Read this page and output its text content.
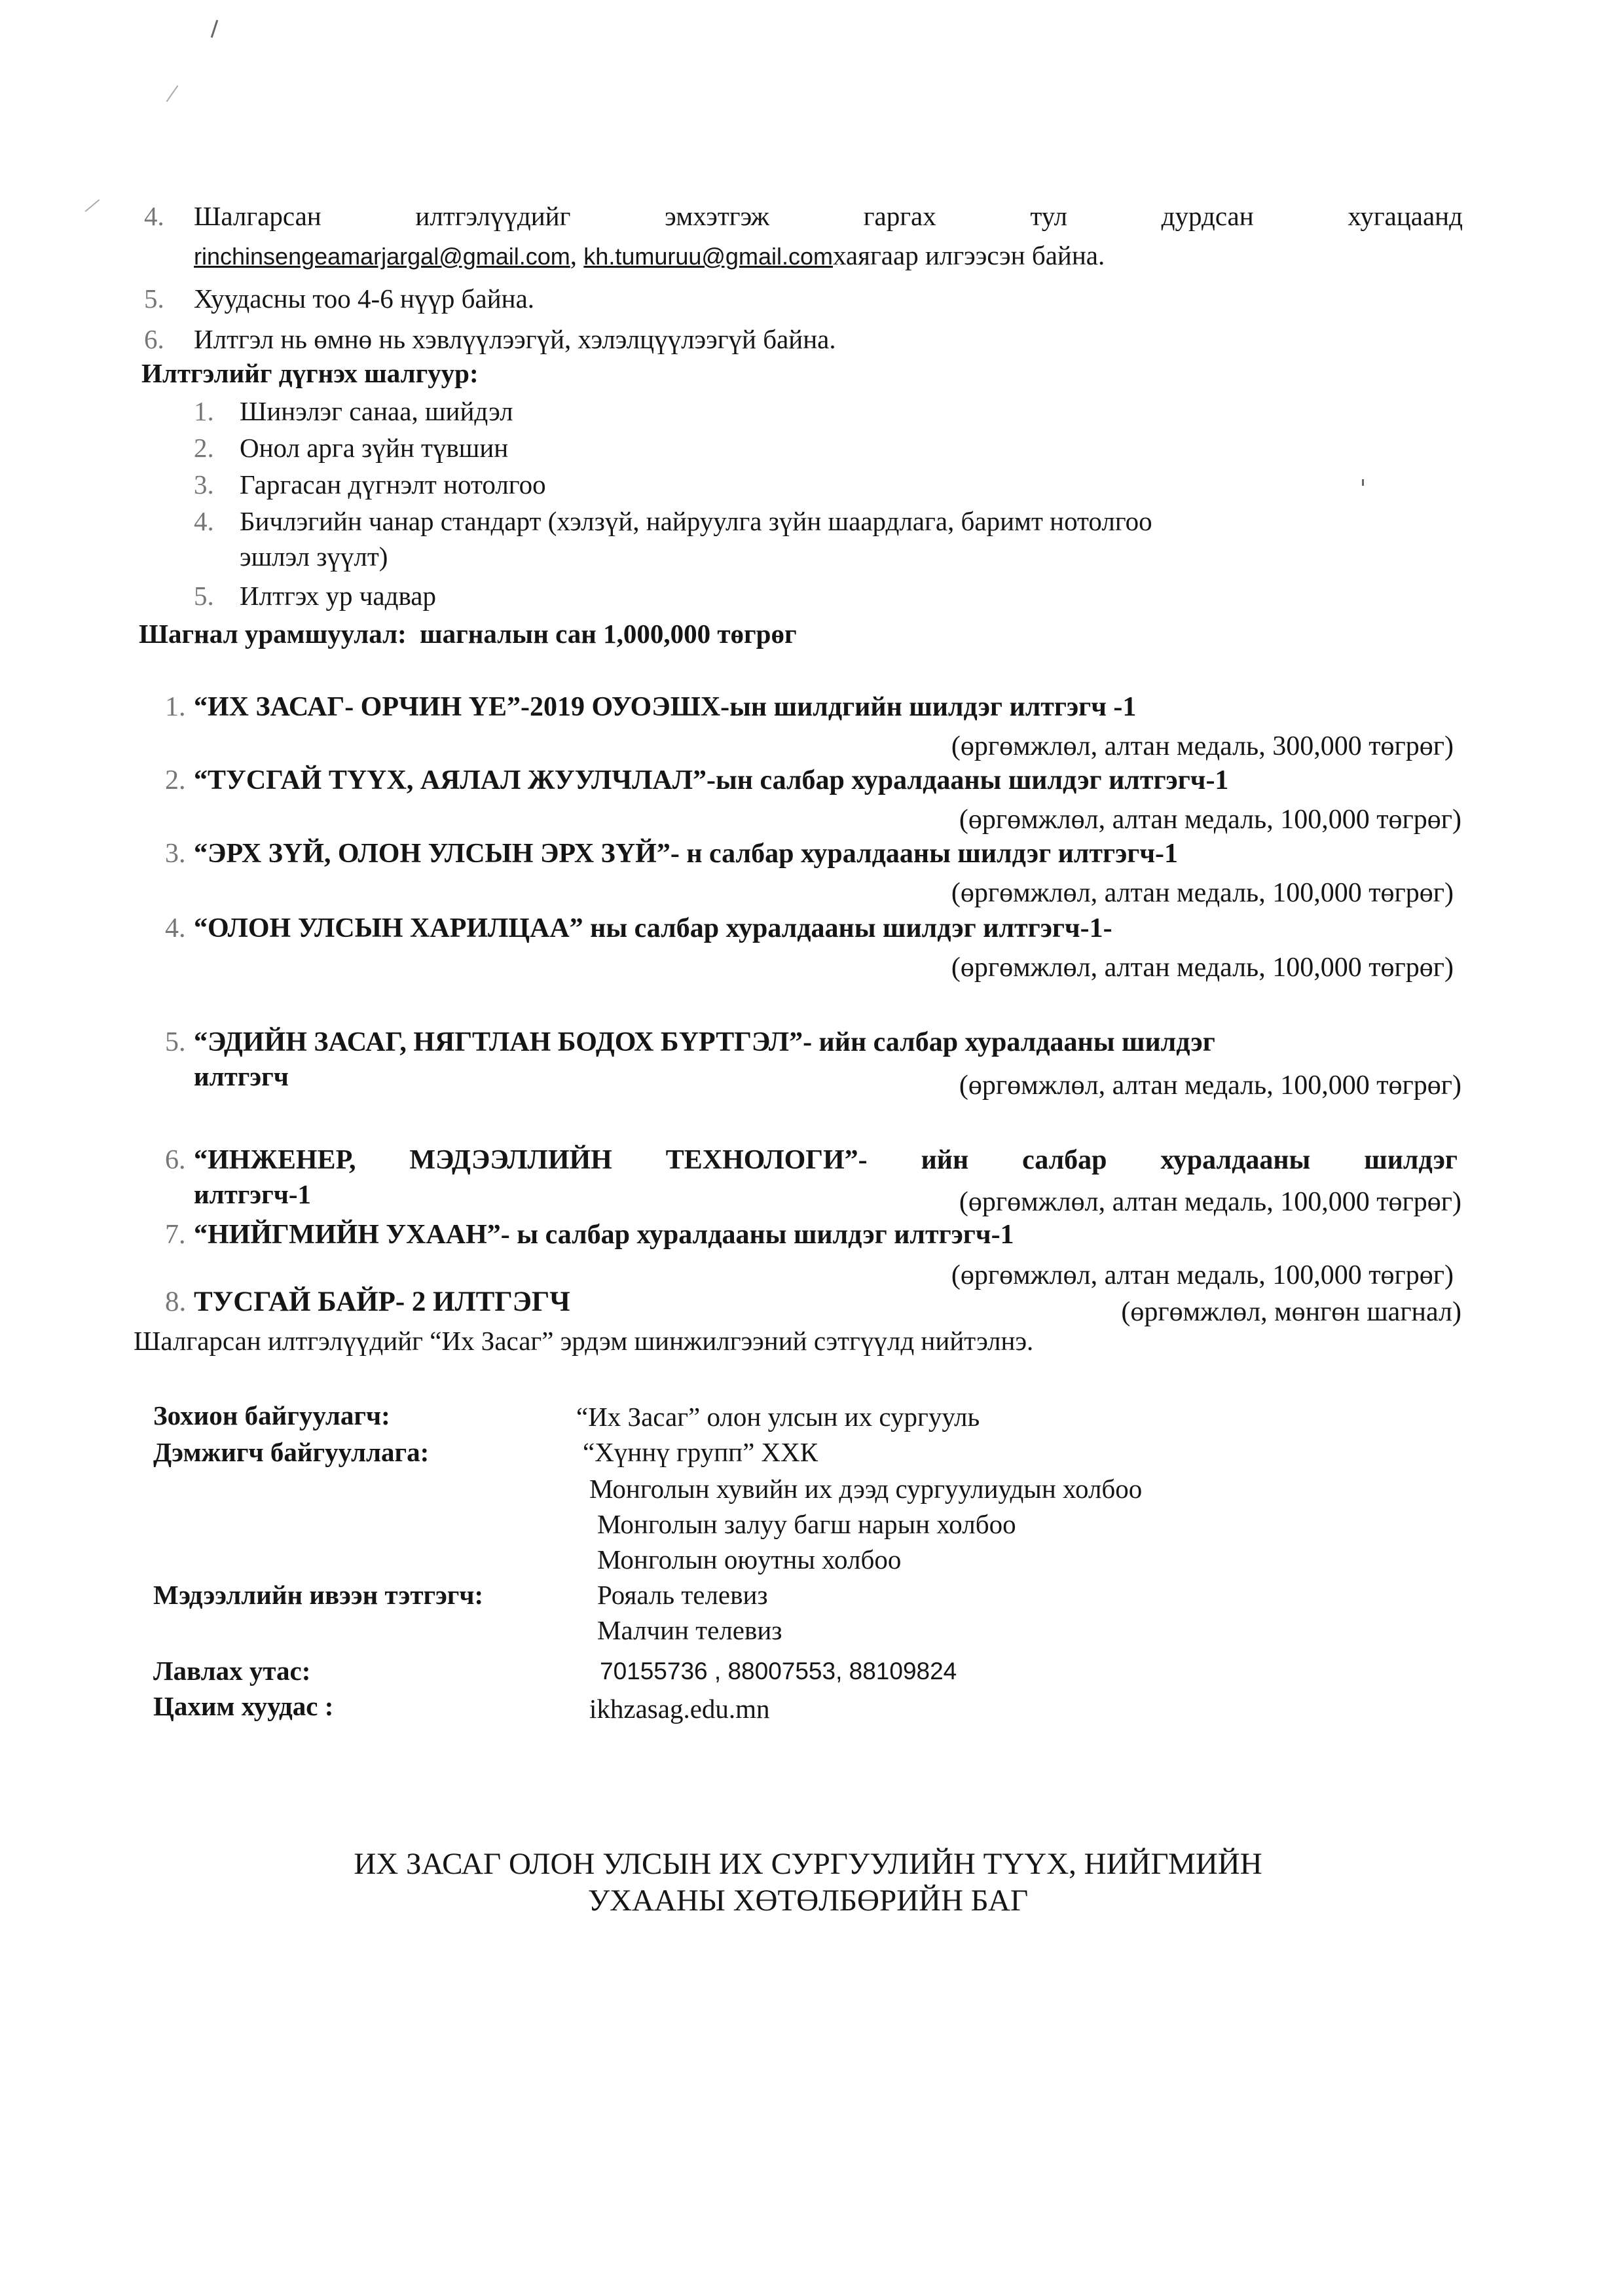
4. Шалгарсан	илтгэлүүдийг	эмхэтгэж	гаргах	тул	дурдсан	хугацаанд
rinchinsengeamarjargal@gmail.com, kh.tumuruu@gmail.comхаягаар илгээсэн байна.
5. Хуудасны тоо 4-6 нүүр байна.
6. Илтгэл нь өмнө нь хэвлүүлээгүй, хэлэлцүүлээгүй байна.
Илтгэлийг дүгнэх шалгуур:
1. Шинэлэг санаа, шийдэл
2. Онол арга зүйн түвшин
3. Гаргасан дүгнэлт нотолгоо
4. Бичлэгийн чанар стандарт (хэлзүй, найруулга зүйн шаардлага, баримт нотолгоо
эшлэл зүүлт)
5. Илтгэх ур чадвар
Шагнал урамшуулал: шагналын сан 1,000,000 төгрөг
1. “ИХ ЗАСАГ- ОРЧИН ҮЕ”-2019 ОУОЭШХ-ын шилдгийн шилдэг илтгэгч -1
(өргөмжлөл, алтан медаль, 300,000 төгрөг)
2. “ТУСГАЙ ТҮҮХ, АЯЛАЛ ЖУУЛЧЛАЛ”-ын салбар хуралдааны шилдэг илтгэгч-1
(өргөмжлөл, алтан медаль, 100,000 төгрөг)
3. “ЭРХ ЗҮЙ, ОЛОН УЛСЫН ЭРХ ЗҮЙ”- н салбар хуралдааны шилдэг илтгэгч-1
(өргөмжлөл, алтан медаль, 100,000 төгрөг)
4. “ОЛОН УЛСЫН ХАРИЛЦАА” ны салбар хуралдааны шилдэг илтгэгч-1-
(өргөмжлөл, алтан медаль, 100,000 төгрөг)
5. “ЭДИЙН ЗАСАГ, НЯГТЛАН БОДОХ БҮРТГЭЛ”- ийн салбар хуралдааны шилдэг
илтгэгч	(өргөмжлөл, алтан медаль, 100,000 төгрөг)
6. “ИНЖЕНЕР, МЭДЭЭЛЛИЙН ТЕХНОЛОГИ”- ийн салбар хуралдааны шилдэг
илтгэгч-1	(өргөмжлөл, алтан медаль, 100,000 төгрөг)
7. “НИЙГМИЙН УХААН”- ы салбар хуралдааны шилдэг илтгэгч-1
(өргөмжлөл, алтан медаль, 100,000 төгрөг)
8. ТУСГАЙ БАЙР- 2 ИЛТГЭГЧ	(өргөмжлөл, мөнгөн шагнал)
Шалгарсан илтгэлүүдийг “Их Засаг” эрдэм шинжилгээний сэтгүүлд нийтэлнэ.
Зохион байгуулагч:	“Их Засаг” олон улсын их сургууль
Дэмжигч байгууллага:	“Хүннү групп” ХХК
Монголын хувийн их дээд сургуулиудын холбоо
Монголын залуу багш нарын холбоо
Монголын оюутны холбоо
Мэдээллийн ивээн тэтгэгч:	Рояаль телевиз
Малчин телевиз
Лавлах утас:	70155736 , 88007553, 88109824
Цахим хуудас :	ikhzasag.edu.mn
ИХ ЗАСАГ ОЛОН УЛСЫН ИХ СУРГУУЛИЙН ТҮҮХ, НИЙГМИЙН
УХААНЫ ХӨТӨЛБӨРИЙН БАГ
